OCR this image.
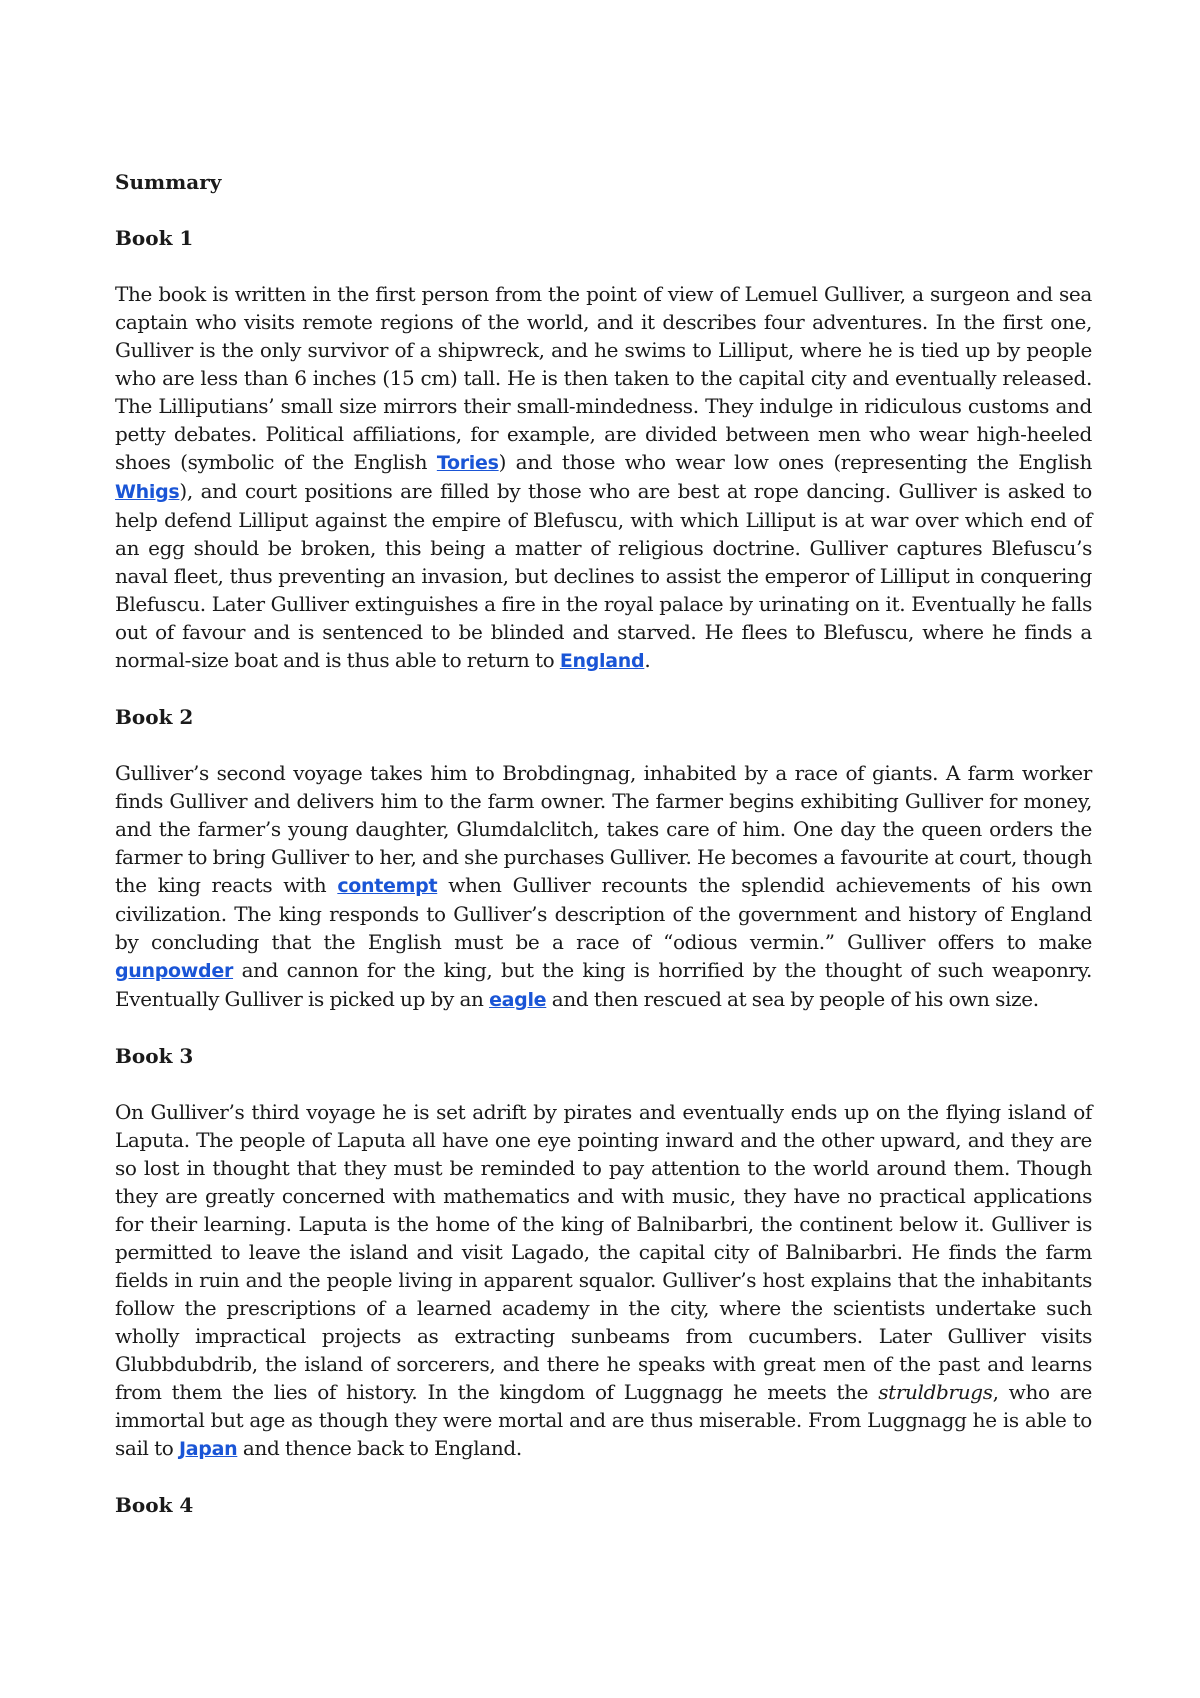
Summary
Book 1

The book is written in the first person from the point of view of Lemuel Gulliver, a surgeon and sea captain who visits remote regions of the world, and it describes four adventures. In the first one, Gulliver is the only survivor of a shipwreck, and he swims to Lilliput, where he is tied up by people who are less than 6 inches (15 cm) tall. He is then taken to the capital city and eventually released. The Lilliputians’ small size mirrors their small-mindedness. They indulge in ridiculous customs and petty debates. Political affiliations, for example, are divided between men who wear high-heeled shoes (symbolic of the English Tories) and those who wear low ones (representing the English Whigs), and court positions are filled by those who are best at rope dancing. Gulliver is asked to help defend Lilliput against the empire of Blefuscu, with which Lilliput is at war over which end of an egg should be broken, this being a matter of religious doctrine. Gulliver captures Blefuscu’s naval fleet, thus preventing an invasion, but declines to assist the emperor of Lilliput in conquering Blefuscu. Later Gulliver extinguishes a fire in the royal palace by urinating on it. Eventually he falls out of favour and is sentenced to be blinded and starved. He flees to Blefuscu, where he finds a normal-size boat and is thus able to return to England.

Book 2

Gulliver’s second voyage takes him to Brobdingnag, inhabited by a race of giants. A farm worker finds Gulliver and delivers him to the farm owner. The farmer begins exhibiting Gulliver for money, and the farmer’s young daughter, Glumdalclitch, takes care of him. One day the queen orders the farmer to bring Gulliver to her, and she purchases Gulliver. He becomes a favourite at court, though the king reacts with contempt when Gulliver recounts the splendid achievements of his own civilization. The king responds to Gulliver’s description of the government and history of England by concluding that the English must be a race of “odious vermin.” Gulliver offers to make gunpowder and cannon for the king, but the king is horrified by the thought of such weaponry. Eventually Gulliver is picked up by an eagle and then rescued at sea by people of his own size.

Book 3

On Gulliver’s third voyage he is set adrift by pirates and eventually ends up on the flying island of Laputa. The people of Laputa all have one eye pointing inward and the other upward, and they are so lost in thought that they must be reminded to pay attention to the world around them. Though they are greatly concerned with mathematics and with music, they have no practical applications for their learning. Laputa is the home of the king of Balnibarbri, the continent below it. Gulliver is permitted to leave the island and visit Lagado, the capital city of Balnibarbri. He finds the farm fields in ruin and the people living in apparent squalor. Gulliver’s host explains that the inhabitants follow the prescriptions of a learned academy in the city, where the scientists undertake such wholly impractical projects as extracting sunbeams from cucumbers. Later Gulliver visits Glubbdubdrib, the island of sorcerers, and there he speaks with great men of the past and learns from them the lies of history. In the kingdom of Luggnagg he meets the struldbrugs, who are immortal but age as though they were mortal and are thus miserable. From Luggnagg he is able to sail to Japan and thence back to England.

Book 4
